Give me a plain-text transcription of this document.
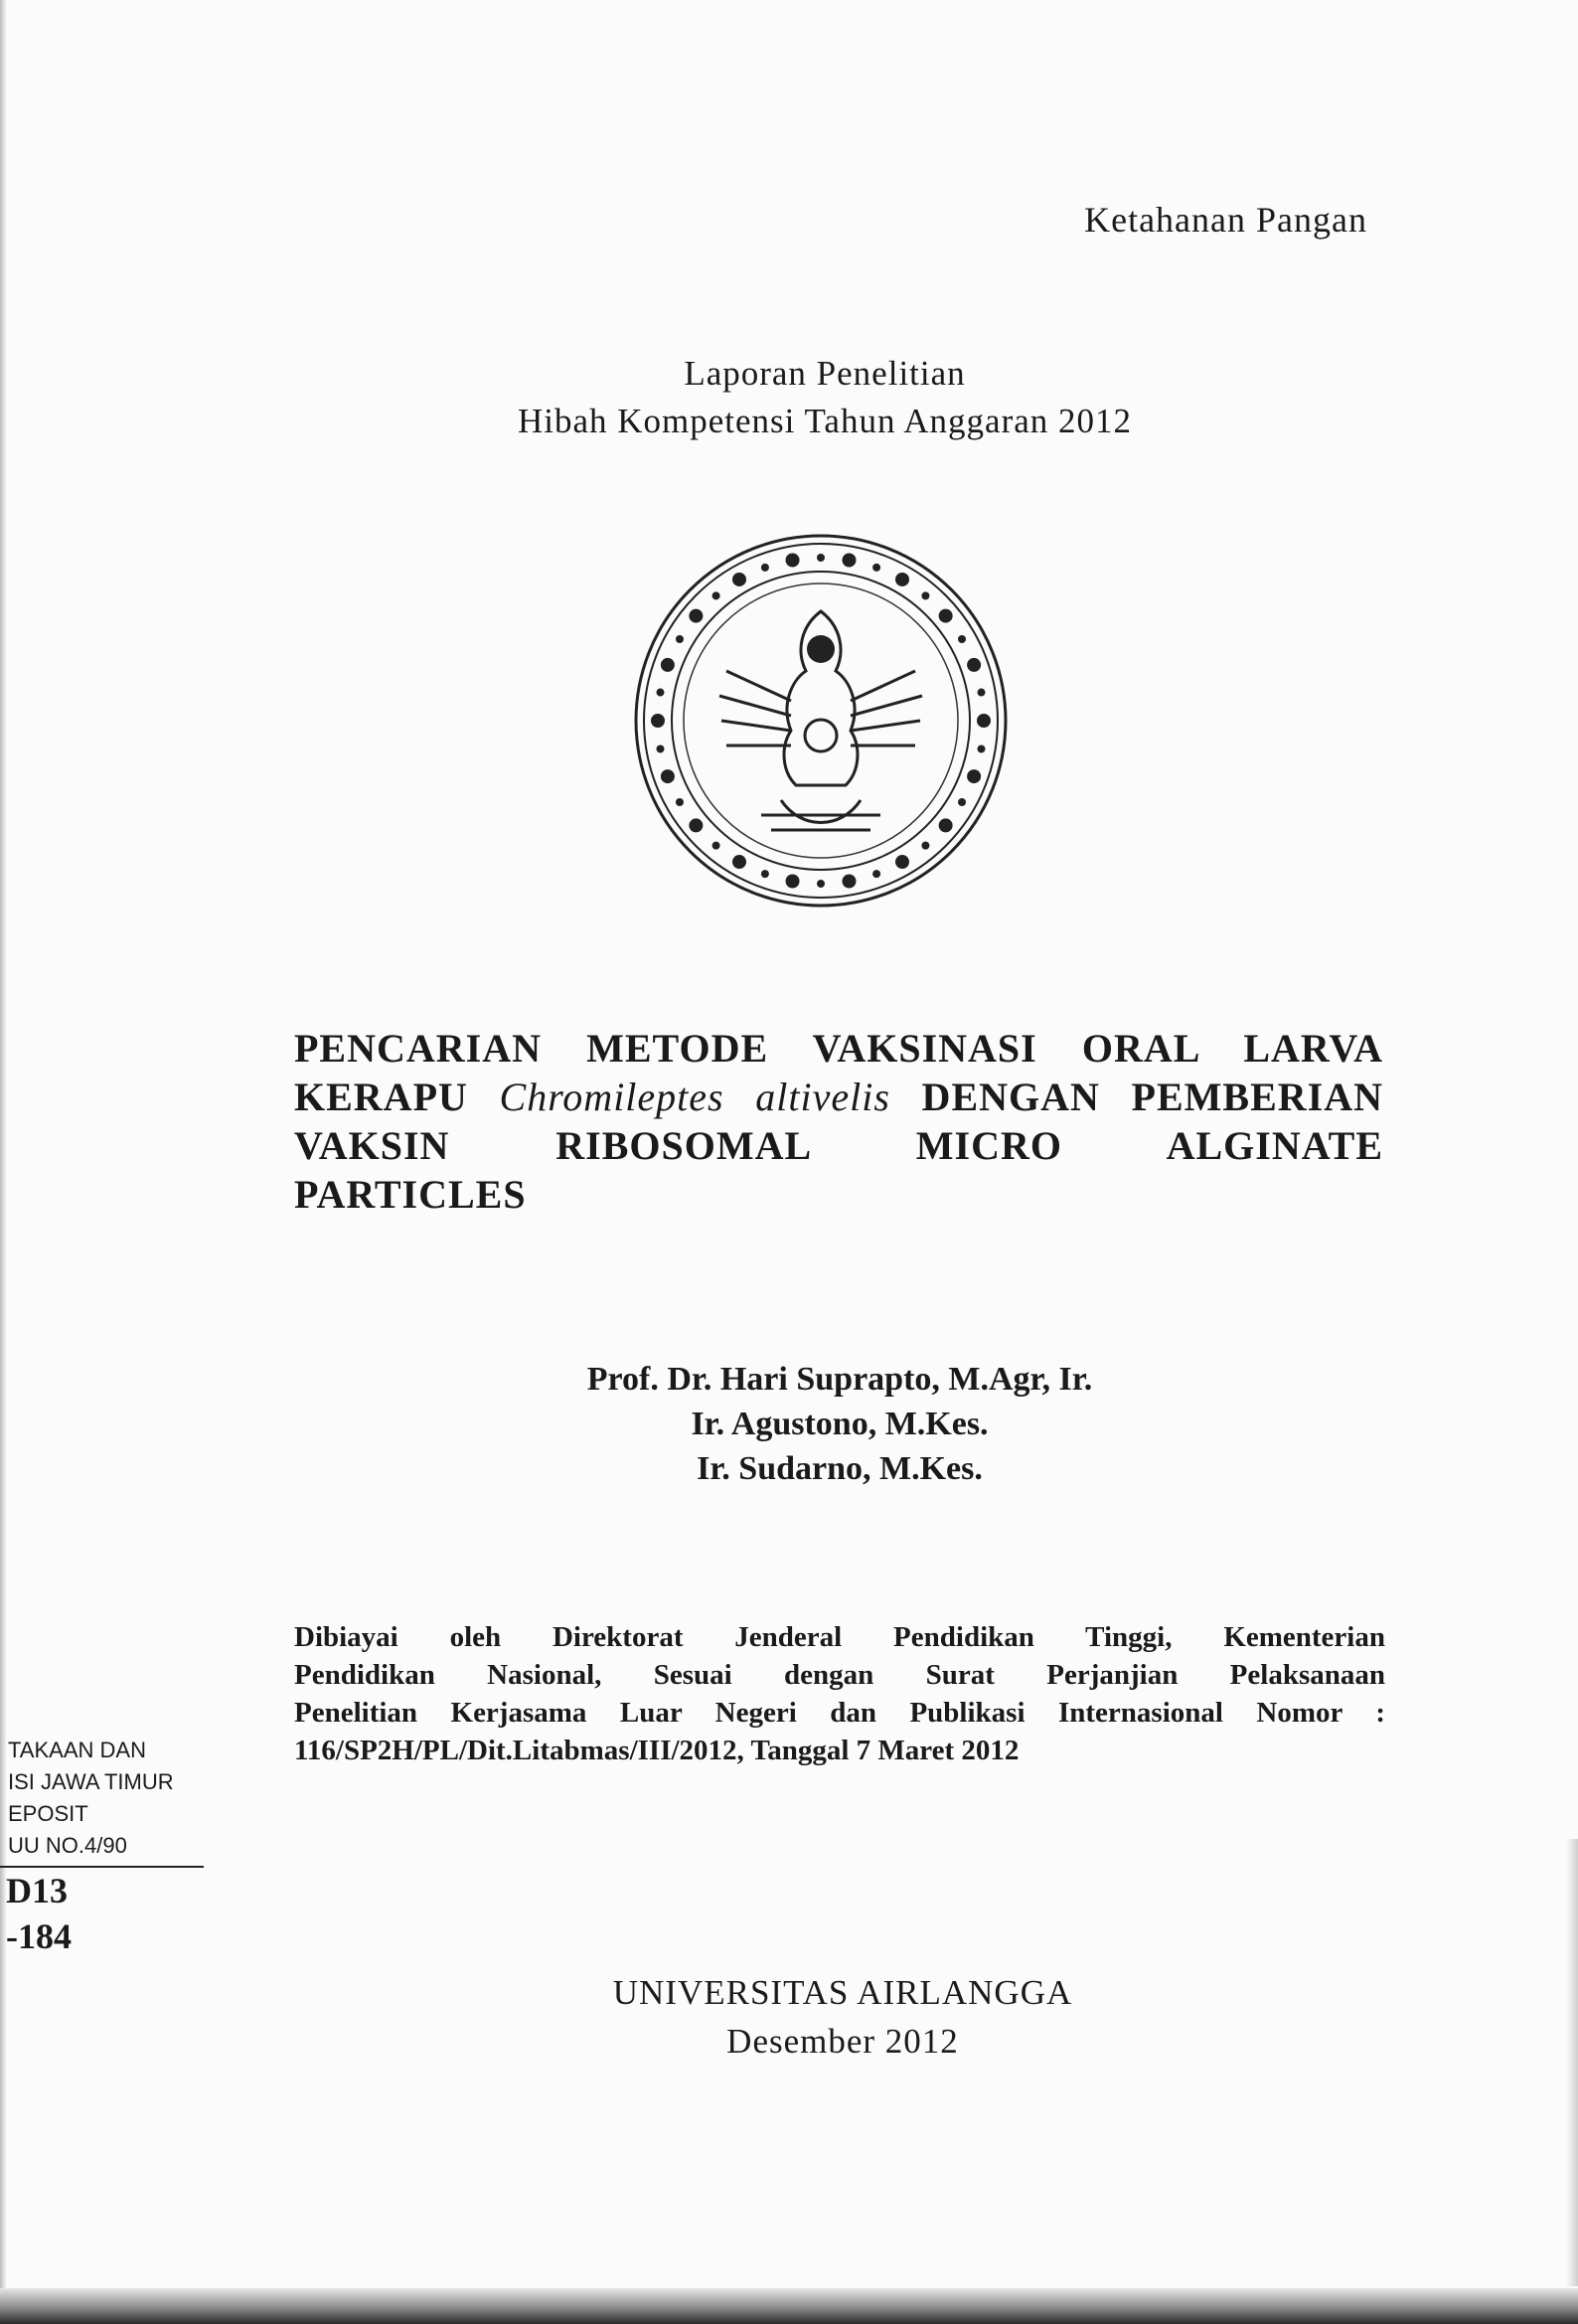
Ketahanan Pangan
Laporan Penelitian
Hibah Kompetensi Tahun Anggaran 2012
PENCARIAN METODE VAKSINASI ORAL LARVA
KERAPU Chromileptes altivelis DENGAN PEMBERIAN
VAKSIN RIBOSOMAL MICRO ALGINATE
PARTICLES
Prof. Dr. Hari Suprapto, M.Agr, Ir.
Ir. Agustono, M.Kes.
Ir. Sudarno, M.Kes.
Dibiayai oleh Direktorat Jenderal Pendidikan Tinggi, Kementerian
Pendidikan Nasional, Sesuai dengan Surat Perjanjian Pelaksanaan
Penelitian Kerjasama Luar Negeri dan Publikasi Internasional Nomor :
116/SP2H/PL/Dit.Litabmas/III/2012, Tanggal 7 Maret 2012
TAKAAN DAN
ISI JAWA TIMUR
EPOSIT
UU NO.4/90
D13
-184
UNIVERSITAS AIRLANGGA
Desember 2012
